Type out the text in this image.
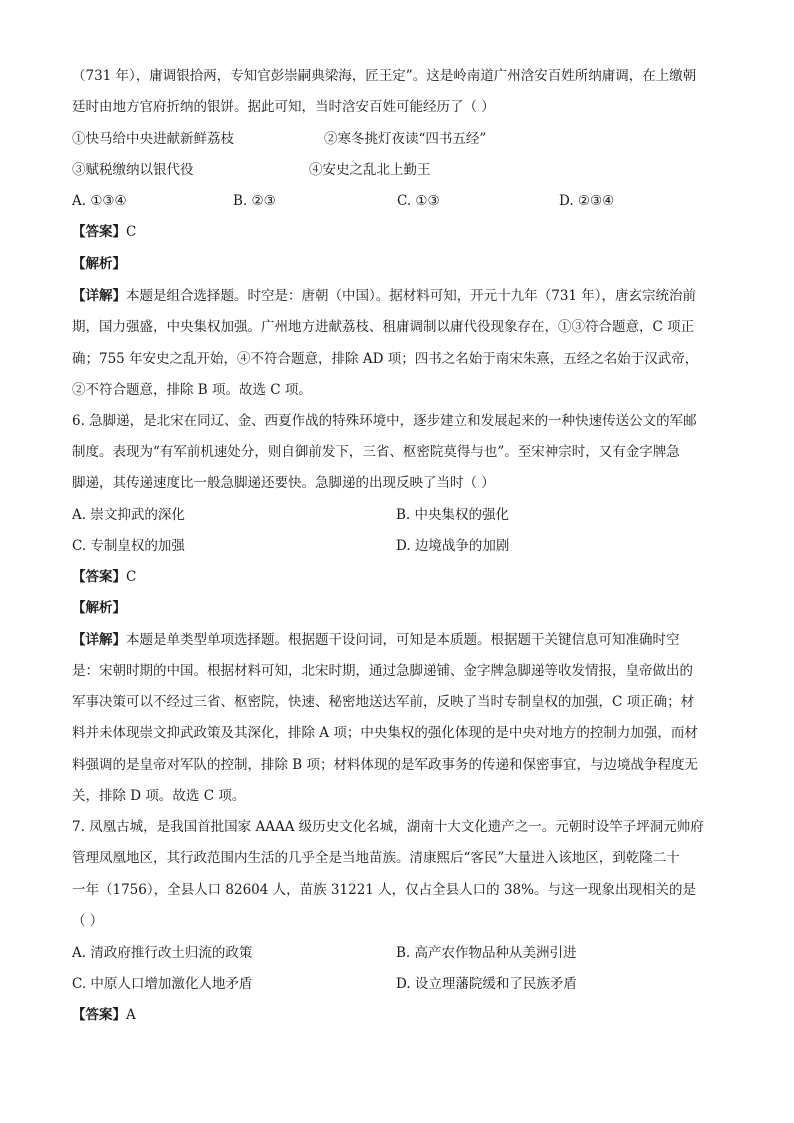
（731 年），庸调银拾两，专知官彭崇嗣典梁海，匠王定”。这是岭南道广州浛安百姓所纳庸调，在上缴朝
廷时由地方官府折纳的银饼。据此可知，当时浛安百姓可能经历了（ ）
①快马给中央进献新鲜荔枝	②寒冬挑灯夜读“四书五经”
③赋税缴纳以银代役	④安史之乱北上勤王
A. ①③④	B. ②③	C. ①③	D. ②③④
【答案】C
【解析】
【详解】本题是组合选择题。时空是：唐朝（中国）。据材料可知，开元十九年（731 年），唐玄宗统治前
期，国力强盛，中央集权加强。广州地方进献荔枝、租庸调制以庸代役现象存在，①③符合题意，C 项正
确；755 年安史之乱开始，④不符合题意，排除 AD 项；四书之名始于南宋朱熹，五经之名始于汉武帝，
②不符合题意，排除 B 项。故选 C 项。
6. 急脚递，是北宋在同辽、金、西夏作战的特殊环境中，逐步建立和发展起来的一种快速传送公文的军邮
制度。表现为“有军前机速处分，则自御前发下，三省、枢密院莫得与也”。至宋神宗时，又有金字牌急
脚递，其传递速度比一般急脚递还要快。急脚递的出现反映了当时（ ）
A. 崇文抑武的深化	B. 中央集权的强化
C. 专制皇权的加强	D. 边境战争的加剧
【答案】C
【解析】
【详解】本题是单类型单项选择题。根据题干设问词，可知是本质题。根据题干关键信息可知准确时空
是：宋朝时期的中国。根据材料可知，北宋时期，通过急脚递铺、金字牌急脚递等收发情报，皇帝做出的
军事决策可以不经过三省、枢密院，快速、秘密地送达军前，反映了当时专制皇权的加强，C 项正确；材
料并未体现崇文抑武政策及其深化，排除 A 项；中央集权的强化体现的是中央对地方的控制力加强，而材
料强调的是皇帝对军队的控制，排除 B 项；材料体现的是军政事务的传递和保密事宜，与边境战争程度无
关，排除 D 项。故选 C 项。
7. 凤凰古城，是我国首批国家 AAAA 级历史文化名城，湖南十大文化遗产之一。元朝时设竿子坪洞元帅府
管理凤凰地区，其行政范围内生活的几乎全是当地苗族。清康熙后“客民”大量进入该地区，到乾隆二十
一年（1756），全县人口 82604 人，苗族 31221 人，仅占全县人口的 38%。与这一现象出现相关的是
（ ）
A. 清政府推行改土归流的政策	B. 高产农作物品种从美洲引进
C. 中原人口增加激化人地矛盾	D. 设立理藩院缓和了民族矛盾
【答案】A
